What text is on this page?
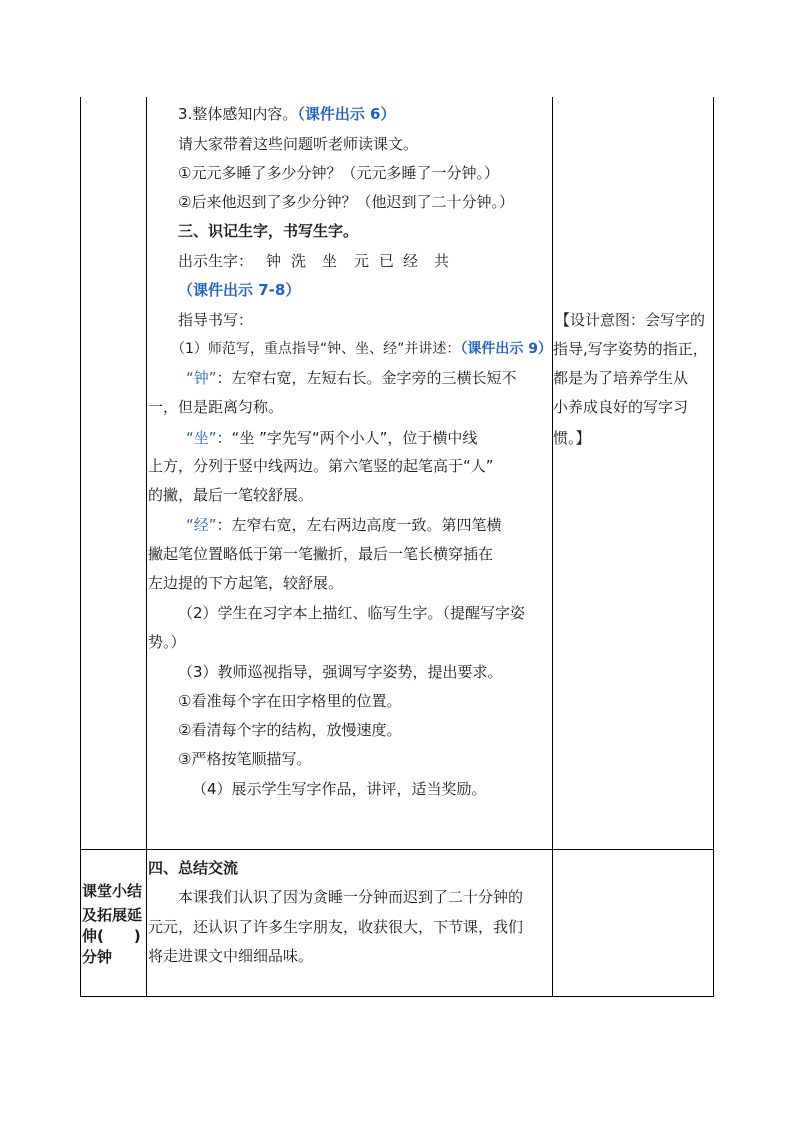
3.整体感知内容。（课件出示 6）
请大家带着这些问题听老师读课文。
①元元多睡了多少分钟？（元元多睡了一分钟。）
②后来他迟到了多少分钟？（他迟到了二十分钟。）
三、识记生字，书写生字。
出示生字： 钟 洗 坐 元 已 经 共
（课件出示 7-8）
指导书写：
（1）师范写，重点指导“钟、坐、经”并讲述：（课件出示 9）
“钟”：左窄右宽，左短右长。金字旁的三横长短不
一，但是距离匀称。
“坐”：“坐 ”字先写“两个小人”，位于横中线
上方，分列于竖中线两边。第六笔竖的起笔高于“人”
的撇，最后一笔较舒展。
“经”：左窄右宽，左右两边高度一致。第四笔横
撇起笔位置略低于第一笔撇折，最后一笔长横穿插在
左边提的下方起笔，较舒展。
（2）学生在习字本上描红、临写生字。（提醒写字姿
势。）
（3）教师巡视指导，强调写字姿势，提出要求。
①看准每个字在田字格里的位置。
②看清每个字的结构，放慢速度。
③严格按笔顺描写。
（4）展示学生写字作品，讲评，适当奖励。
【设计意图：会写字的
指导,写字姿势的指正，
都是为了培养学生从
小养成良好的写字习
惯。】
课堂小结
及拓展延
伸(　　)
分钟
四、总结交流
本课我们认识了因为贪睡一分钟而迟到了二十分钟的
元元，还认识了许多生字朋友，收获很大，下节课，我们
将走进课文中细细品味。
